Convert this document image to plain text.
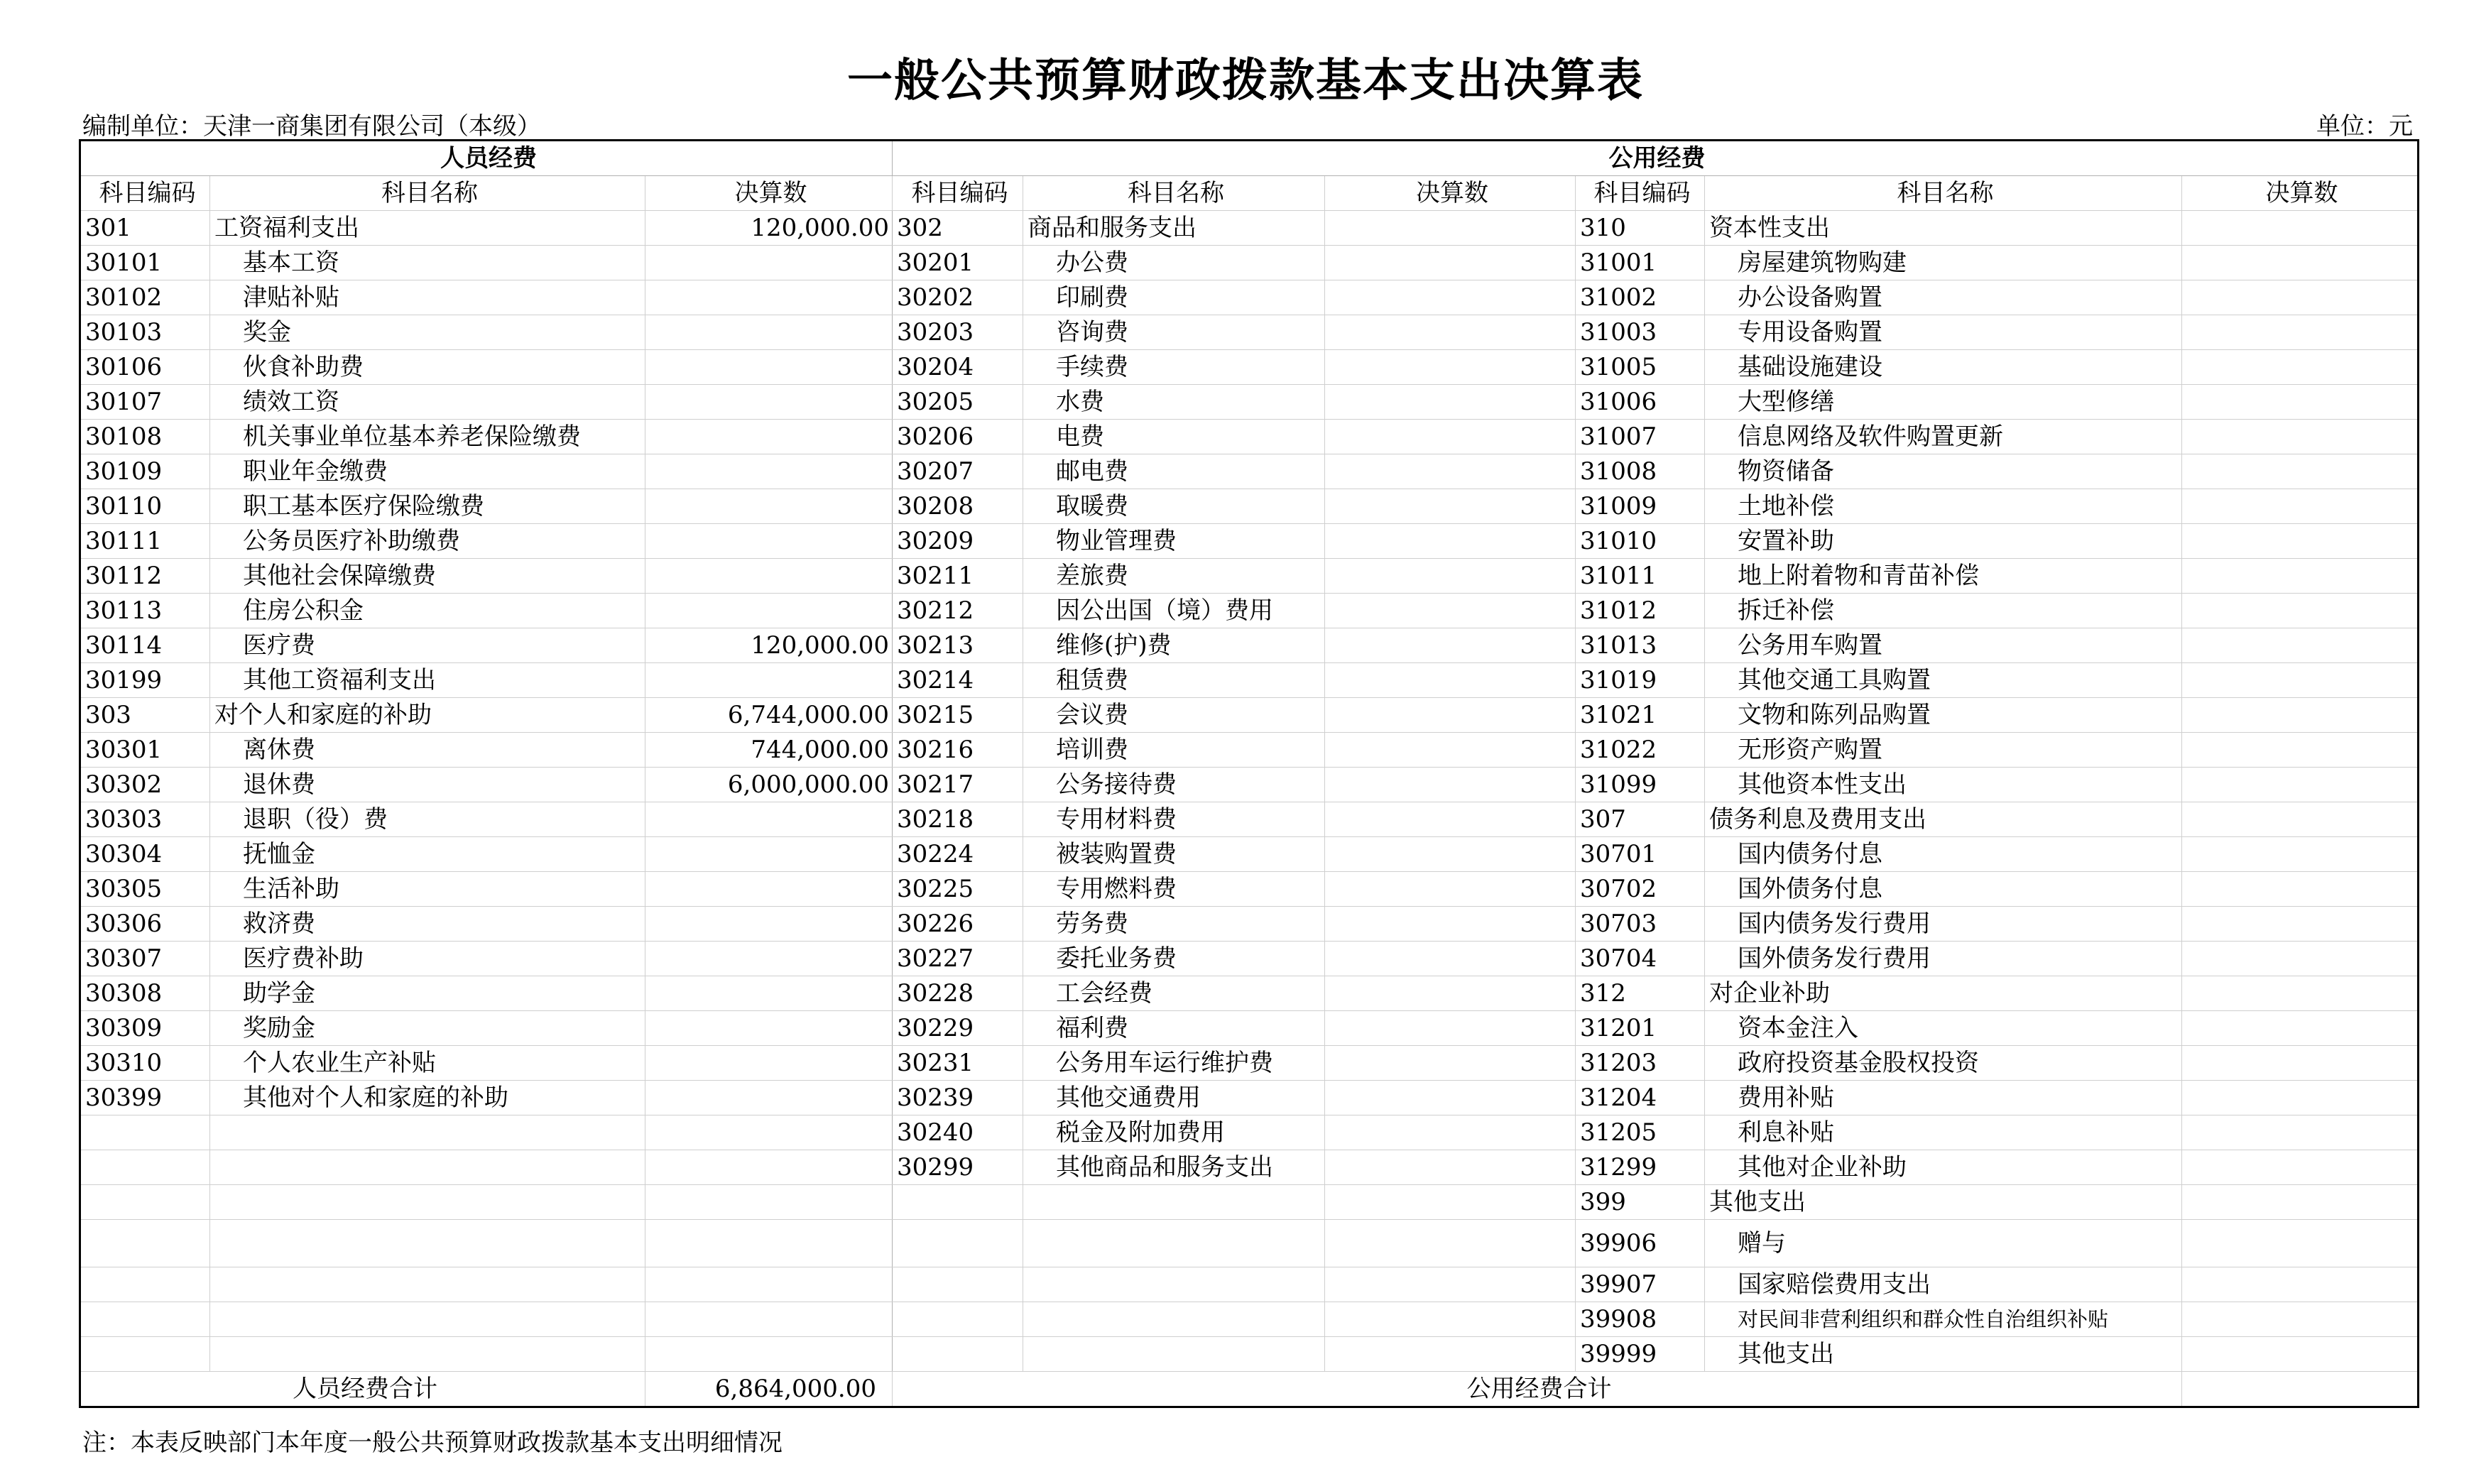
一般公共预算财政拨款基本支出决算表
编制单位：天津一商集团有限公司（本级）	单位：元
人员经费			公用经费					
科目编码	科目名称	决算数	科目编码	科目名称	决算数	科目编码	科目名称	决算数
301	工资福利支出	120,000.00	302	商品和服务支出		310	资本性支出	
30101	基本工资		30201	办公费		31001	房屋建筑物购建	
30102	津贴补贴		30202	印刷费		31002	办公设备购置	
30103	奖金		30203	咨询费		31003	专用设备购置	
30106	伙食补助费		30204	手续费		31005	基础设施建设	
30107	绩效工资		30205	水费		31006	大型修缮	
30108	机关事业单位基本养老保险缴费		30206	电费		31007	信息网络及软件购置更新	
30109	职业年金缴费		30207	邮电费		31008	物资储备	
30110	职工基本医疗保险缴费		30208	取暖费		31009	土地补偿	
30111	公务员医疗补助缴费		30209	物业管理费		31010	安置补助	
30112	其他社会保障缴费		30211	差旅费		31011	地上附着物和青苗补偿	
30113	住房公积金		30212	因公出国（境）费用		31012	拆迁补偿	
30114	医疗费	120,000.00	30213	维修(护)费		31013	公务用车购置	
30199	其他工资福利支出		30214	租赁费		31019	其他交通工具购置	
303	对个人和家庭的补助	6,744,000.00	30215	会议费		31021	文物和陈列品购置	
30301	离休费	744,000.00	30216	培训费		31022	无形资产购置	
30302	退休费	6,000,000.00	30217	公务接待费		31099	其他资本性支出	
30303	退职（役）费		30218	专用材料费		307	债务利息及费用支出	
30304	抚恤金		30224	被装购置费		30701	国内债务付息	
30305	生活补助		30225	专用燃料费		30702	国外债务付息	
30306	救济费		30226	劳务费		30703	国内债务发行费用	
30307	医疗费补助		30227	委托业务费		30704	国外债务发行费用	
30308	助学金		30228	工会经费		312	对企业补助	
30309	奖励金		30229	福利费		31201	资本金注入	
30310	个人农业生产补贴		30231	公务用车运行维护费		31203	政府投资基金股权投资	
30399	其他对个人和家庭的补助		30239	其他交通费用		31204	费用补贴	
			30240	税金及附加费用		31205	利息补贴	
			30299	其他商品和服务支出		31299	其他对企业补助	
						399	其他支出	
						39906	赠与	
						39907	国家赔偿费用支出	
						39908	对民间非营利组织和群众性自治组织补贴	
						39999	其他支出	
人员经费合计		6,864,000.00	公用经费合计					
注：本表反映部门本年度一般公共预算财政拨款基本支出明细情况
